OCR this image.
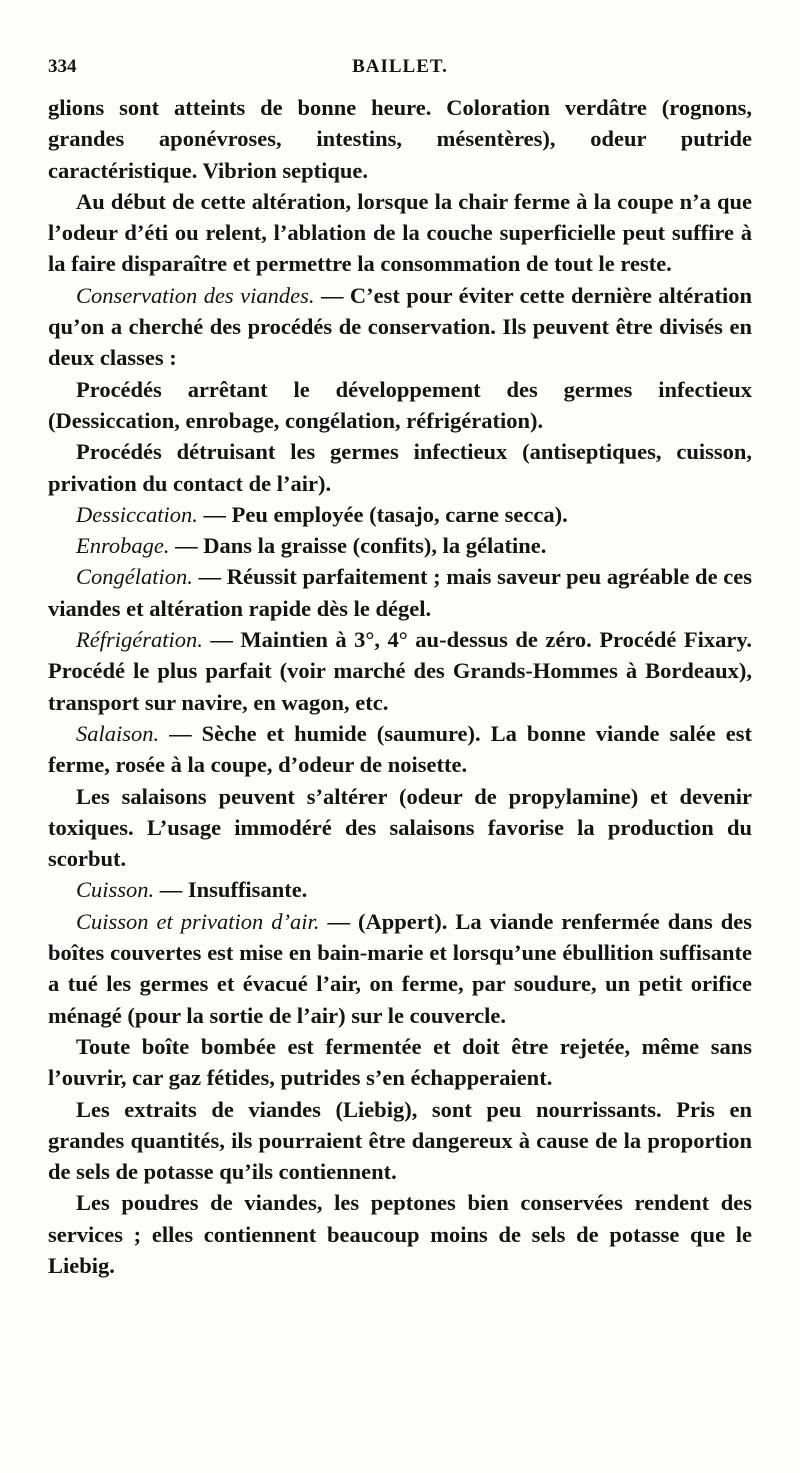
334	BAILLET.

glions sont atteints de bonne heure. Coloration verdâtre (rognons, grandes aponévroses, intestins, mésentères), odeur putride caractéristique. Vibrion septique.

Au début de cette altération, lorsque la chair ferme à la coupe n’a que l’odeur d’éti ou relent, l’ablation de la couche superficielle peut suffire à la faire disparaître et permettre la consommation de tout le reste.

Conservation des viandes. — C’est pour éviter cette dernière altération qu’on a cherché des procédés de conservation. Ils peuvent être divisés en deux classes :

Procédés arrêtant le développement des germes infectieux (Dessiccation, enrobage, congélation, réfrigération).

Procédés détruisant les germes infectieux (antiseptiques, cuisson, privation du contact de l’air).

Dessiccation. — Peu employée (tasajo, carne secca).

Enrobage. — Dans la graisse (confits), la gélatine.

Congélation. — Réussit parfaitement ; mais saveur peu agréable de ces viandes et altération rapide dès le dégel.

Réfrigération. — Maintien à 3°, 4° au-dessus de zéro. Procédé Fixary. Procédé le plus parfait (voir marché des Grands-Hommes à Bordeaux), transport sur navire, en wagon, etc.

Salaison. — Sèche et humide (saumure). La bonne viande salée est ferme, rosée à la coupe, d’odeur de noisette.

Les salaisons peuvent s’altérer (odeur de propylamine) et devenir toxiques. L’usage immodéré des salaisons favorise la production du scorbut.

Cuisson. — Insuffisante.

Cuisson et privation d’air. — (Appert). La viande renfermée dans des boîtes couvertes est mise en bain-marie et lorsqu’une ébullition suffisante a tué les germes et évacué l’air, on ferme, par soudure, un petit orifice ménagé (pour la sortie de l’air) sur le couvercle.

Toute boîte bombée est fermentée et doit être rejetée, même sans l’ouvrir, car gaz fétides, putrides s’en échapperaient.

Les extraits de viandes (Liebig), sont peu nourrissants. Pris en grandes quantités, ils pourraient être dangereux à cause de la proportion de sels de potasse qu’ils contiennent.

Les poudres de viandes, les peptones bien conservées rendent des services ; elles contiennent beaucoup moins de sels de potasse que le Liebig.
